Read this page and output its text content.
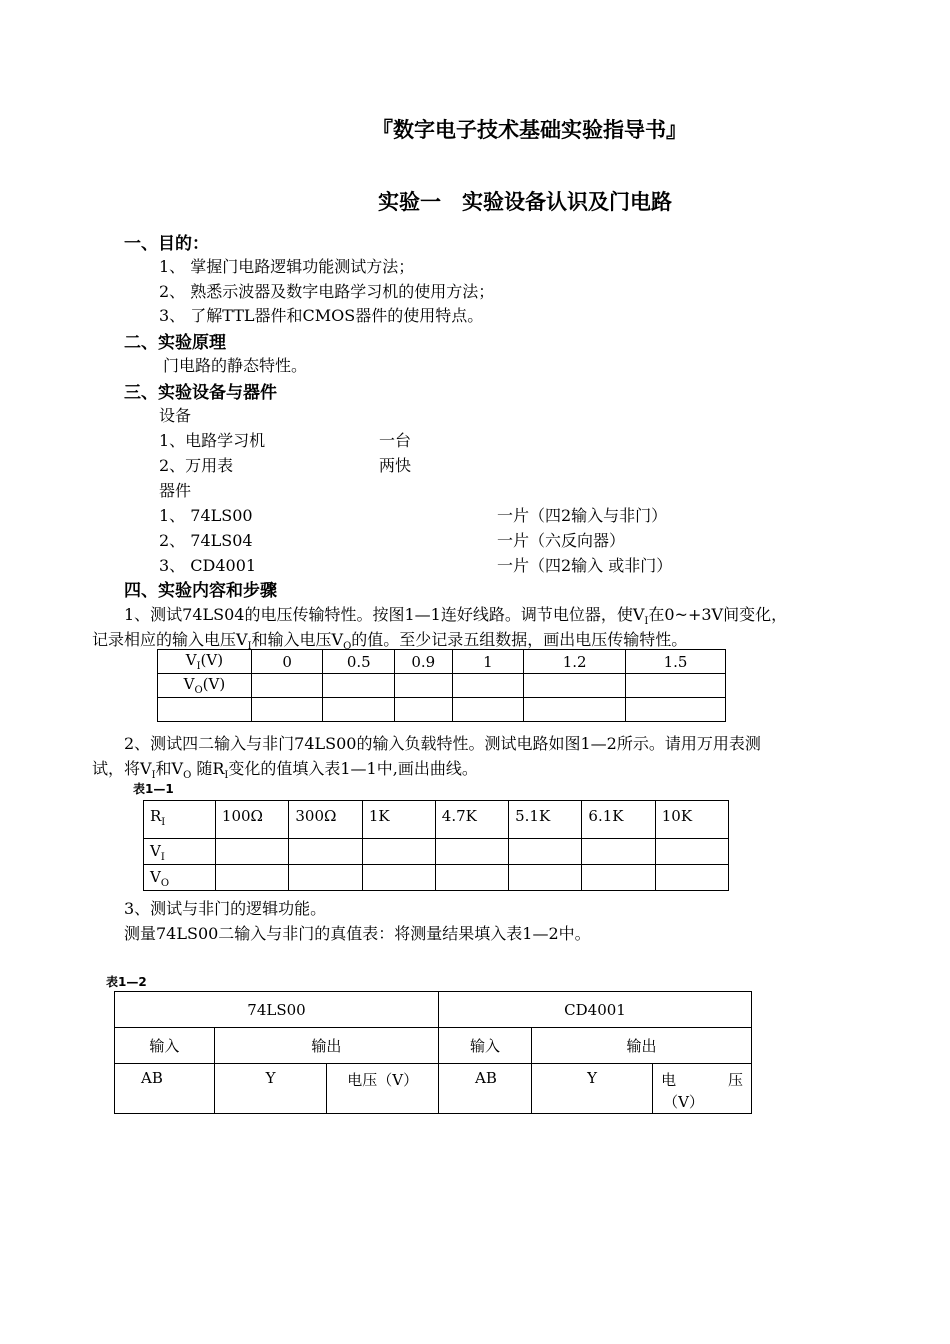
『数字电子技术基础实验指导书』
实验一　实验设备认识及门电路
一、目的：
1、 掌握门电路逻辑功能测试方法；
2、 熟悉示波器及数字电路学习机的使用方法；
3、 了解TTL器件和CMOS器件的使用特点。
二、实验原理
门电路的静态特性。
三、实验设备与器件
设备
1、电路学习机	一台
2、万用表	两快
器件
1、 74LS00	一片（四2输入与非门）
2、 74LS04	一片（六反向器）
3、 CD4001	一片（四2输入 或非门）
四、实验内容和步骤
1、测试74LS04的电压传输特性。按图1—1连好线路。调节电位器，使$V_I$在0~+3V间变化，
记录相应的输入电压$V_I$和输入电压$V_O$的值。至少记录五组数据，画出电压传输特性。
$V_I(V)$	0	0.5	0.9	1	1.2	1.5
$V_O(V)$						

2、测试四二输入与非门74LS00的输入负载特性。测试电路如图1—2所示。请用万用表测
试，将$V_I$和$V_O$ 随$R_I$变化的值填入表1—1中,画出曲线。
表1—1
$R_I$	100Ω	300Ω	1K	4.7K	5.1K	6.1K	10K
$V_I$							
$V_O$							
3、测试与非门的逻辑功能。
测量74LS00二输入与非门的真值表：将测量结果填入表1—2中。
表1—2
74LS00			CD4001		
输入	输出		输入	输出	
AB	Y	电压（V）	AB	Y	电 压
（V）
